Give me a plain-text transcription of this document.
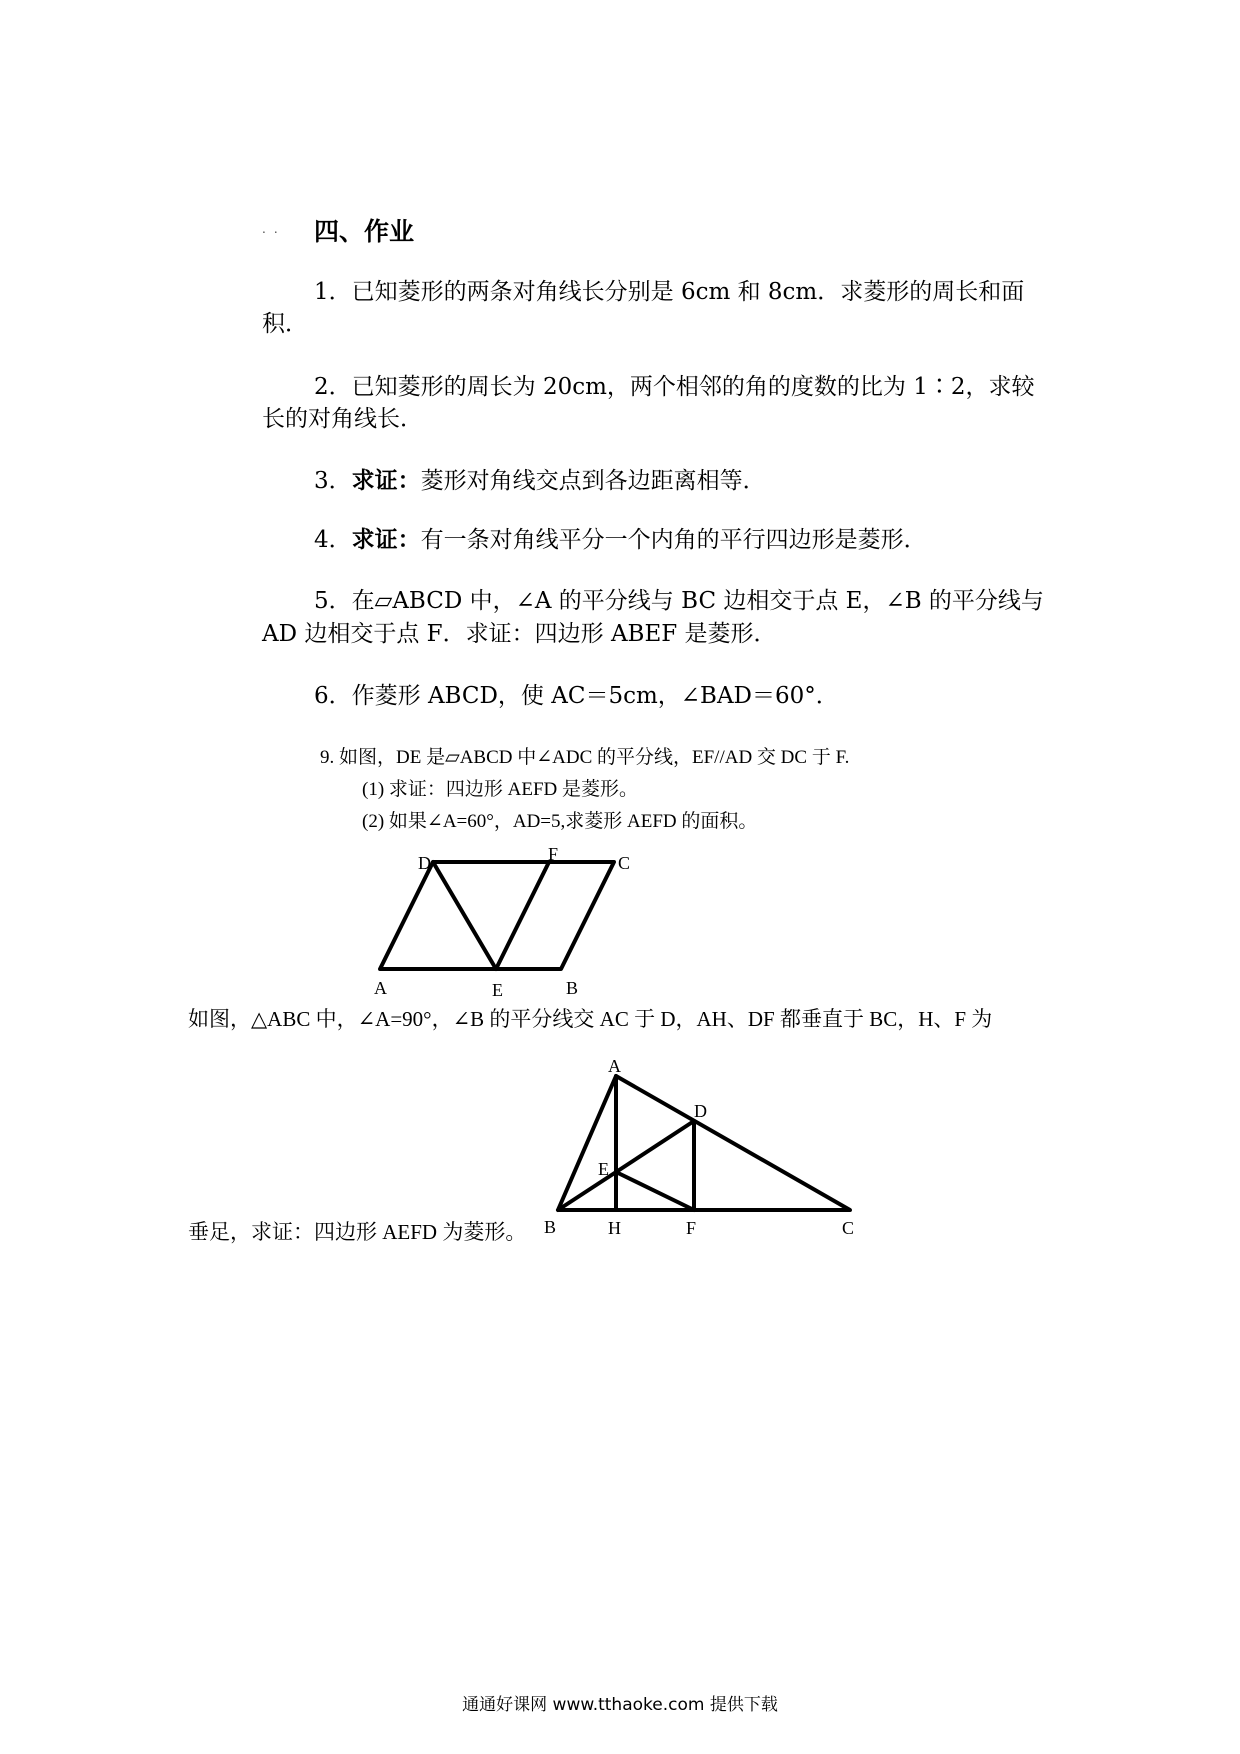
.. 四、作业
1．已知菱形的两条对角线长分别是 6cm 和 8cm．求菱形的周长和面
积．
2．已知菱形的周长为 20cm，两个相邻的角的度数的比为 1∶2，求较
长的对角线长．
3．求证：菱形对角线交点到各边距离相等．
4．求证：有一条对角线平分一个内角的平行四边形是菱形．
5．在▱ABCD 中，∠A 的平分线与 BC 边相交于点 E，∠B 的平分线与
AD 边相交于点 F．求证：四边形 ABEF 是菱形．
6．作菱形 ABCD，使 AC＝5cm，∠BAD＝60°．
9. 如图，DE 是▱ABCD 中∠ADC 的平分线，EF//AD 交 DC 于 F.
(1) 求证：四边形 AEFD 是菱形。
(2) 如果∠A=60°，AD=5,求菱形 AEFD 的面积。
A	E	B
D	F	C
A
D
E
B	H	F	C
如图，△ABC 中，∠A=90°，∠B 的平分线交 AC 于 D，AH、DF 都垂直于 BC，H、F 为
垂足，求证：四边形 AEFD 为菱形。
通通好课网 www.tthaoke.com 提供下载
